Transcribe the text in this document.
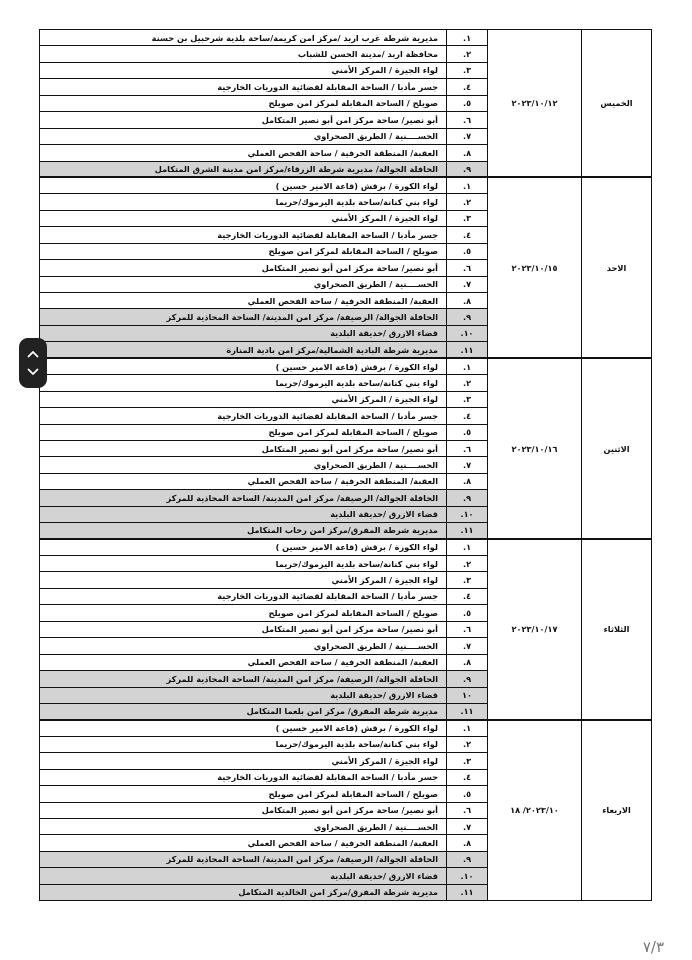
الخميس	٢٠٢٣/١٠/١٢	١.	مديرية شرطة غرب اربد /مركز امن كريمة/ساحة بلدية شرحبيل بن حسنة
		٢.	محافظة اربد /مدينة الحسن للشباب
		٣.	لواء الجيزة / المركز الأمني
		٤.	جسر مأدبا / الساحة المقابلة لقضائية الدوريات الخارجية
		٥.	صويلح / الساحة المقابلة لمركز امن صويلح
		٦.	أبو نصير/ ساحة مركز امن أبو نصير المتكامل
		٧.	الحســــنية / الطريق الصحراوي
		٨.	العقبة/ المنطقة الحرفية / ساحة الفحص العملي
		٩.	الحافلة الجوالة/ مديرية شرطة الزرقاء/مركز امن مدينة الشرق المتكامل
الاحد	٢٠٢٣/١٠/١٥	١.	لواء الكورة / برقش (قاعة الامير حسين )
		٢.	لواء بني كنانة/ساحة بلدية اليرموك/حريما
		٣.	لواء الجيزة / المركز الأمني
		٤.	جسر مأدبا / الساحة المقابلة لقضائية الدوريات الخارجية
		٥.	صويلح / الساحة المقابلة لمركز امن صويلح
		٦.	أبو نصير/ ساحة مركز امن أبو نصير المتكامل
		٧.	الحســــنية / الطريق الصحراوي
		٨.	العقبة/ المنطقة الحرفية / ساحة الفحص العملي
		٩.	الحافلة الجوالة/ الرصيفة/ مركز امن المدينة/ الساحة المحاذية للمركز
		١٠.	قضاء الازرق /حديقة البلدية
		١١.	مديرية شرطة البادية الشمالية/مركز امن بادية المنارة
الاثنين	٢٠٢٣/١٠/١٦	١.	لواء الكورة / برقش (قاعة الامير حسين )
		٢.	لواء بني كنانة/ساحة بلدية اليرموك/حريما
		٣.	لواء الجيزة / المركز الأمني
		٤.	جسر مأدبا / الساحة المقابلة لقضائية الدوريات الخارجية
		٥.	صويلح / الساحة المقابلة لمركز امن صويلح
		٦.	أبو نصير/ ساحة مركز امن أبو نصير المتكامل
		٧.	الحســــنية / الطريق الصحراوي
		٨.	العقبة/ المنطقة الحرفية / ساحة الفحص العملي
		٩.	الحافلة الجوالة/ الرصيفة/ مركز امن المدينة/ الساحة المحاذية للمركز
		١٠.	قضاء الازرق /حديقة البلدية
		١١.	مديرية شرطة المفرق/مركز امن رحاب المتكامل
الثلاثاء	٢٠٢٣/١٠/١٧	١.	لواء الكورة / برقش (قاعة الامير حسين )
		٢.	لواء بني كنانة/ساحة بلدية اليرموك/حريما
		٣.	لواء الجيزة / المركز الأمني
		٤.	جسر مأدبا / الساحة المقابلة لقضائية الدوريات الخارجية
		٥.	صويلح / الساحة المقابلة لمركز امن صويلح
		٦.	أبو نصير/ ساحة مركز امن أبو نصير المتكامل
		٧.	الحســــنية / الطريق الصحراوي
		٨.	العقبة/ المنطقة الحرفية / ساحة الفحص العملي
		٩.	الحافلة الجوالة/ الرصيفة/ مركز امن المدينة/ الساحة المحاذية للمركز
		١٠	قضاء الازرق /حديقة البلدية
		١١.	مديرية شرطة المفرق/ مركز امن بلعما المتكامل
الاربعاء	٢٠٢٣/١٠/ ١٨	١.	لواء الكورة / برقش (قاعة الامير حسين )
		٢.	لواء بني كنانة/ساحة بلدية اليرموك/حريما
		٣.	لواء الجيزة / المركز الأمني
		٤.	جسر مأدبا / الساحة المقابلة لقضائية الدوريات الخارجية
		٥.	صويلح / الساحة المقابلة لمركز امن صويلح
		٦.	أبو نصير/ ساحة مركز امن أبو نصير المتكامل
		٧.	الحســــنية / الطريق الصحراوي
		٨.	العقبة/ المنطقة الحرفية / ساحة الفحص العملي
		٩.	الحافلة الجوالة/ الرصيفة/ مركز امن المدينة/ الساحة المحاذية للمركز
		١٠.	قضاء الازرق /حديقة البلدية
		١١.	مديرية شرطة المفرق/مركز امن الخالدية المتكامل
٧/٣
